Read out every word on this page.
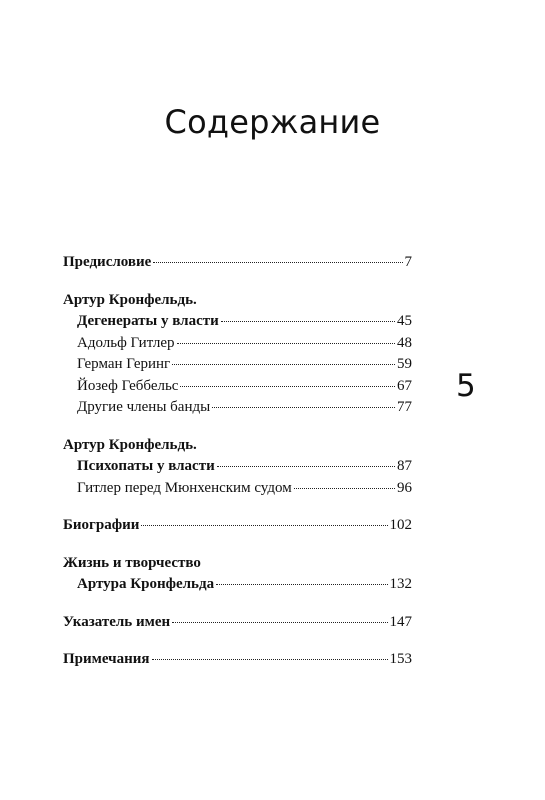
Содержание
5
Предисловие	7
Артур Кронфельдь.
Дегенераты у власти	45
Адольф Гитлер	48
Герман Геринг	59
Йозеф Геббельс	67
Другие члены банды	77
Артур Кронфельдь.
Психопаты у власти	87
Гитлер перед Мюнхенским судом	96
Биографии	102
Жизнь и творчество
Артура Кронфельда	132
Указатель имен	147
Примечания	153
